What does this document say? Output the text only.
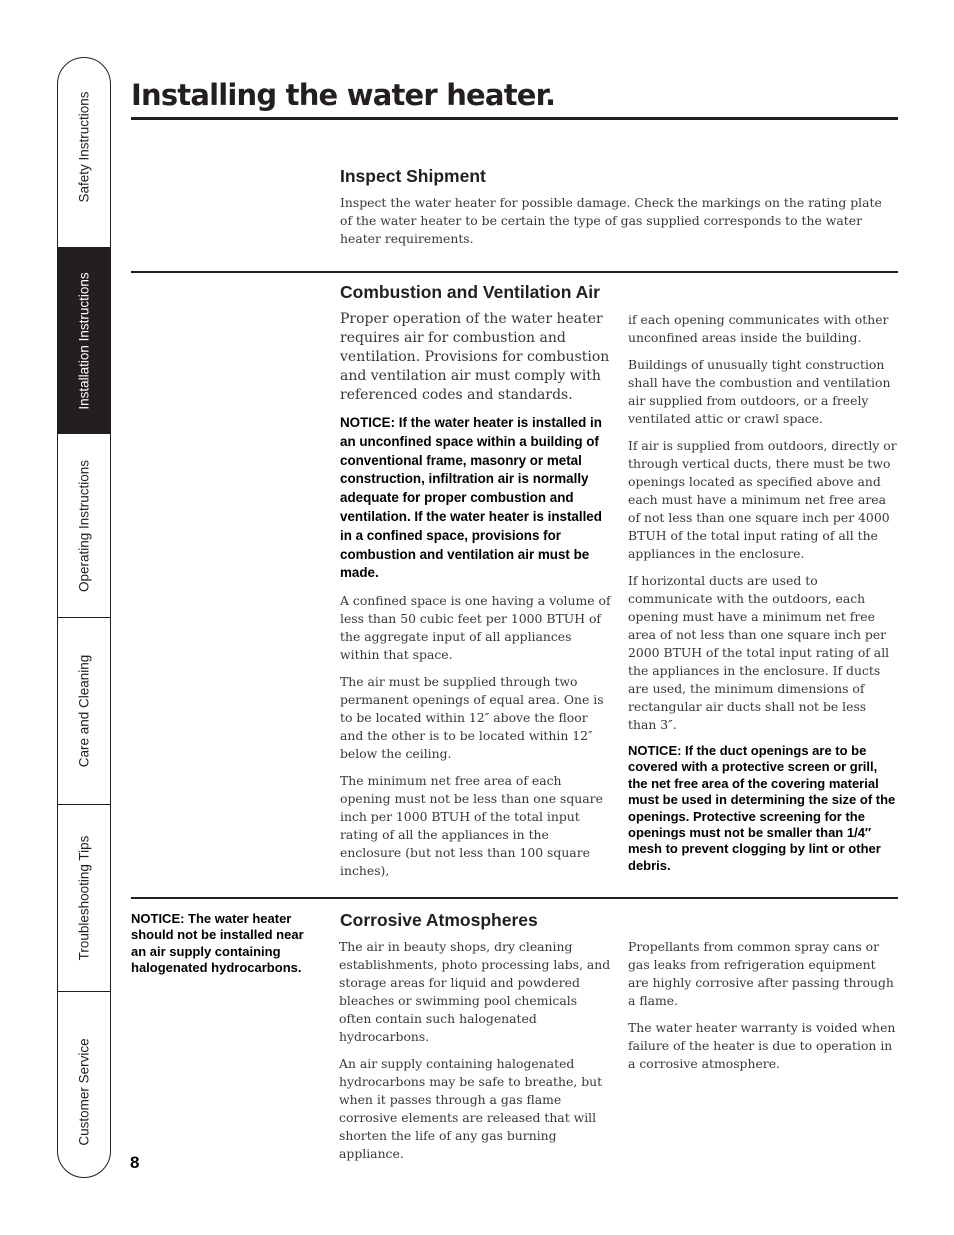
Safety Instructions
Installation Instructions
Operating Instructions
Care and Cleaning
Troubleshooting Tips
Customer Service
Installing the water heater.
Inspect Shipment

Inspect the water heater for possible damage. Check the markings on the rating plate of the water heater to be certain the type of gas supplied corresponds to the water heater requirements.

Combustion and Ventilation Air

Proper operation of the water heater requires air for combustion and ventilation. Provisions for combustion and ventilation air must comply with referenced codes and standards.

NOTICE: If the water heater is installed in an unconfined space within a building of conventional frame, masonry or metal construction, infiltration air is normally adequate for proper combustion and ventilation. If the water heater is installed in a confined space, provisions for combustion and ventilation air must be made.

A confined space is one having a volume of less than 50 cubic feet per 1000 BTUH of the aggregate input of all appliances within that space.

The air must be supplied through two permanent openings of equal area. One is to be located within 12″ above the floor and the other is to be located within 12″ below the ceiling.

The minimum net free area of each opening must not be less than one square inch per 1000 BTUH of the total input rating of all the appliances in the enclosure (but not less than 100 square inches),

if each opening communicates with other unconfined areas inside the building.

Buildings of unusually tight construction shall have the combustion and ventilation air supplied from outdoors, or a freely ventilated attic or crawl space.

If air is supplied from outdoors, directly or through vertical ducts, there must be two openings located as specified above and each must have a minimum net free area of not less than one square inch per 4000 BTUH of the total input rating of all the appliances in the enclosure.

If horizontal ducts are used to communicate with the outdoors, each opening must have a minimum net free area of not less than one square inch per 2000 BTUH of the total input rating of all the appliances in the enclosure. If ducts are used, the minimum dimensions of rectangular air ducts shall not be less than 3″.

NOTICE: If the duct openings are to be covered with a protective screen or grill, the net free area of the covering material must be used in determining the size of the openings. Protective screening for the openings must not be smaller than 1/4″ mesh to prevent clogging by lint or other debris.

NOTICE: The water heater should not be installed near an air supply containing halogenated hydrocarbons.

Corrosive Atmospheres

The air in beauty shops, dry cleaning establishments, photo processing labs, and storage areas for liquid and powdered bleaches or swimming pool chemicals often contain such halogenated hydrocarbons.

An air supply containing halogenated hydrocarbons may be safe to breathe, but when it passes through a gas flame corrosive elements are released that will shorten the life of any gas burning appliance.

Propellants from common spray cans or gas leaks from refrigeration equipment are highly corrosive after passing through a flame.

The water heater warranty is voided when failure of the heater is due to operation in a corrosive atmosphere.

8
